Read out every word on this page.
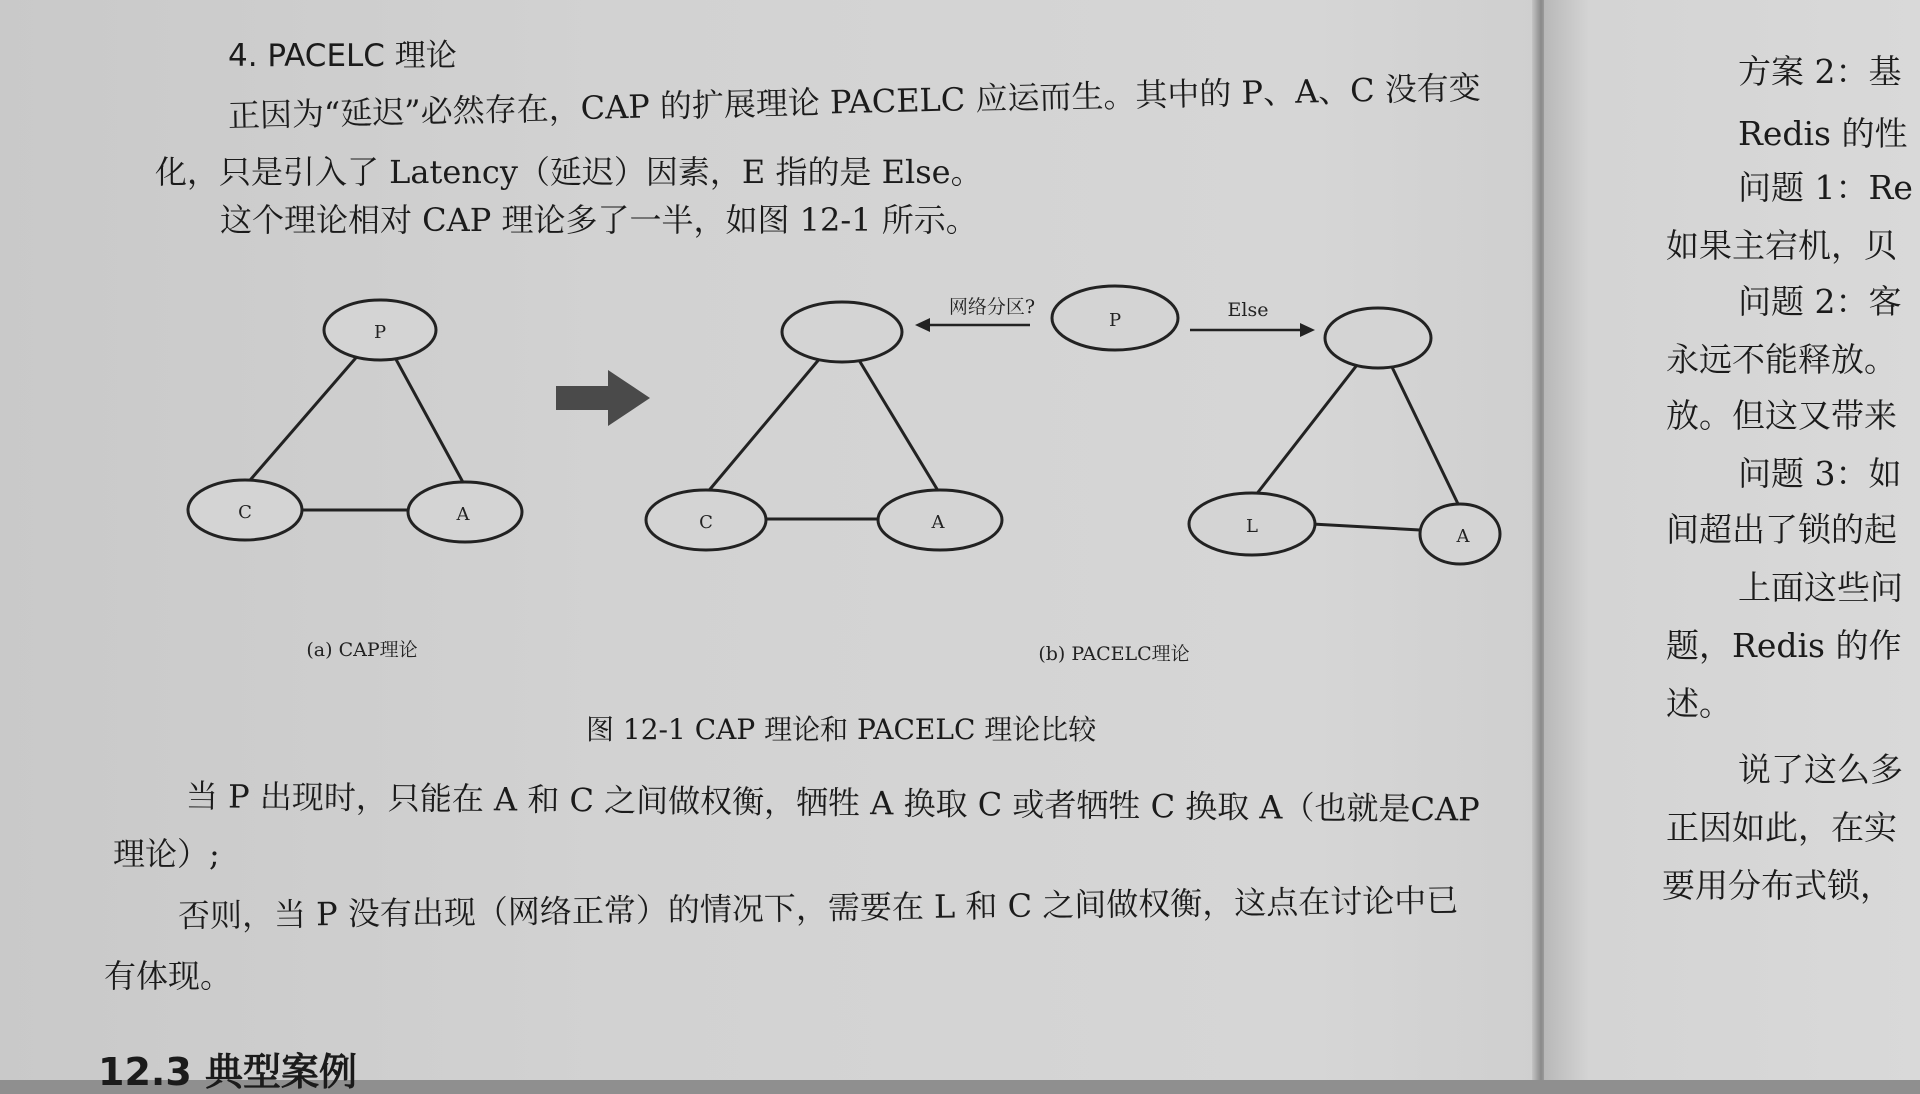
4. PACELC 理论
正因为“延迟”必然存在，CAP 的扩展理论 PACELC 应运而生。其中的 P、A、C 没有变
化，只是引入了 Latency（延迟）因素，E 指的是 Else。
这个理论相对 CAP 理论多了一半，如图 12-1 所示。
P
C	A	C	A
网络分区?
P	Else
L	A
(a) CAP理论	(b) PACELC理论
图 12-1 CAP 理论和 PACELC 理论比较
当 P 出现时，只能在 A 和 C 之间做权衡，牺牲 A 换取 C 或者牺牲 C 换取 A（也就是CAP
理论）;
否则，当 P 没有出现（网络正常）的情况下，需要在 L 和 C 之间做权衡，这点在讨论中已
有体现。
12.3 典型案例
方案 2：基
Redis 的性
问题 1：Re
如果主宕机，贝
问题 2：客
永远不能释放。
放。但这又带来
问题 3：如
间超出了锁的起
上面这些问
题，Redis 的作
述。
说了这么多
正因如此，在实
要用分布式锁，
